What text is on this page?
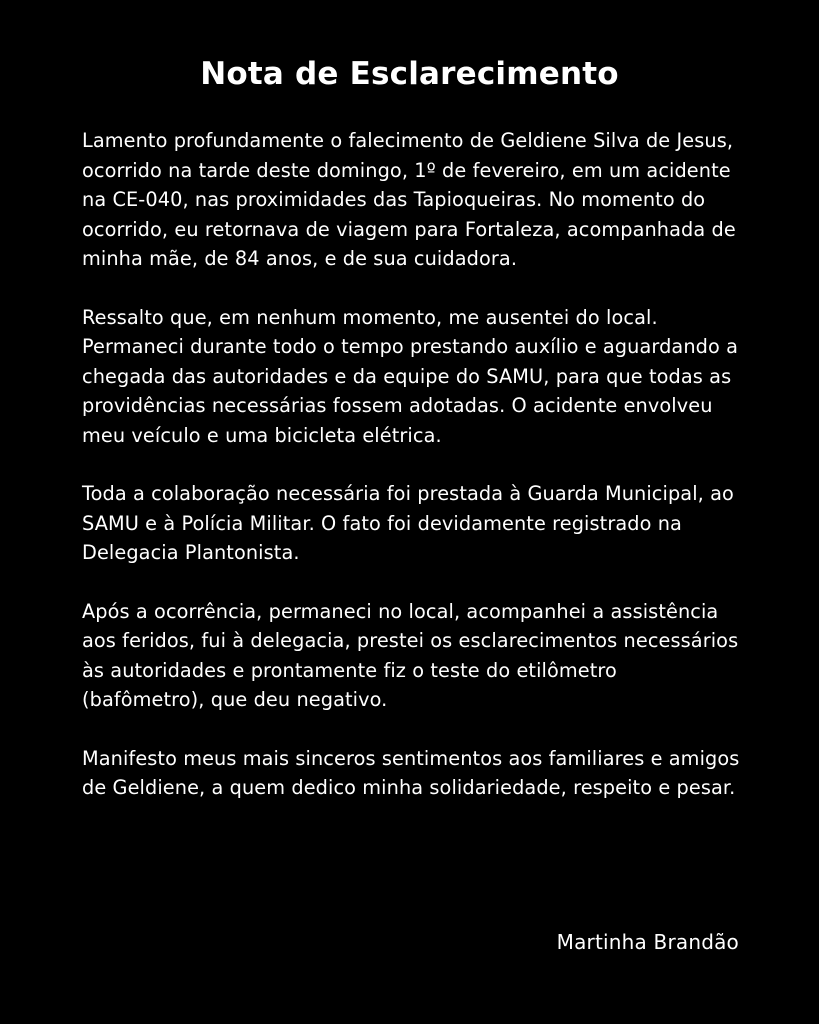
Nota de Esclarecimento

Lamento profundamente o falecimento de Geldiene Silva de Jesus, ocorrido na tarde deste domingo, 1º de fevereiro, em um acidente na CE-040, nas proximidades das Tapioqueiras. No momento do ocorrido, eu retornava de viagem para Fortaleza, acompanhada de minha mãe, de 84 anos, e de sua cuidadora.

Ressalto que, em nenhum momento, me ausentei do local. Permaneci durante todo o tempo prestando auxílio e aguardando a chegada das autoridades e da equipe do SAMU, para que todas as providências necessárias fossem adotadas. O acidente envolveu meu veículo e uma bicicleta elétrica.

Toda a colaboração necessária foi prestada à Guarda Municipal, ao SAMU e à Polícia Militar. O fato foi devidamente registrado na Delegacia Plantonista.

Após a ocorrência, permaneci no local, acompanhei a assistência aos feridos, fui à delegacia, prestei os esclarecimentos necessários às autoridades e prontamente fiz o teste do etilômetro (bafômetro), que deu negativo.

Manifesto meus mais sinceros sentimentos aos familiares e amigos de Geldiene, a quem dedico minha solidariedade, respeito e pesar.

Martinha Brandão
